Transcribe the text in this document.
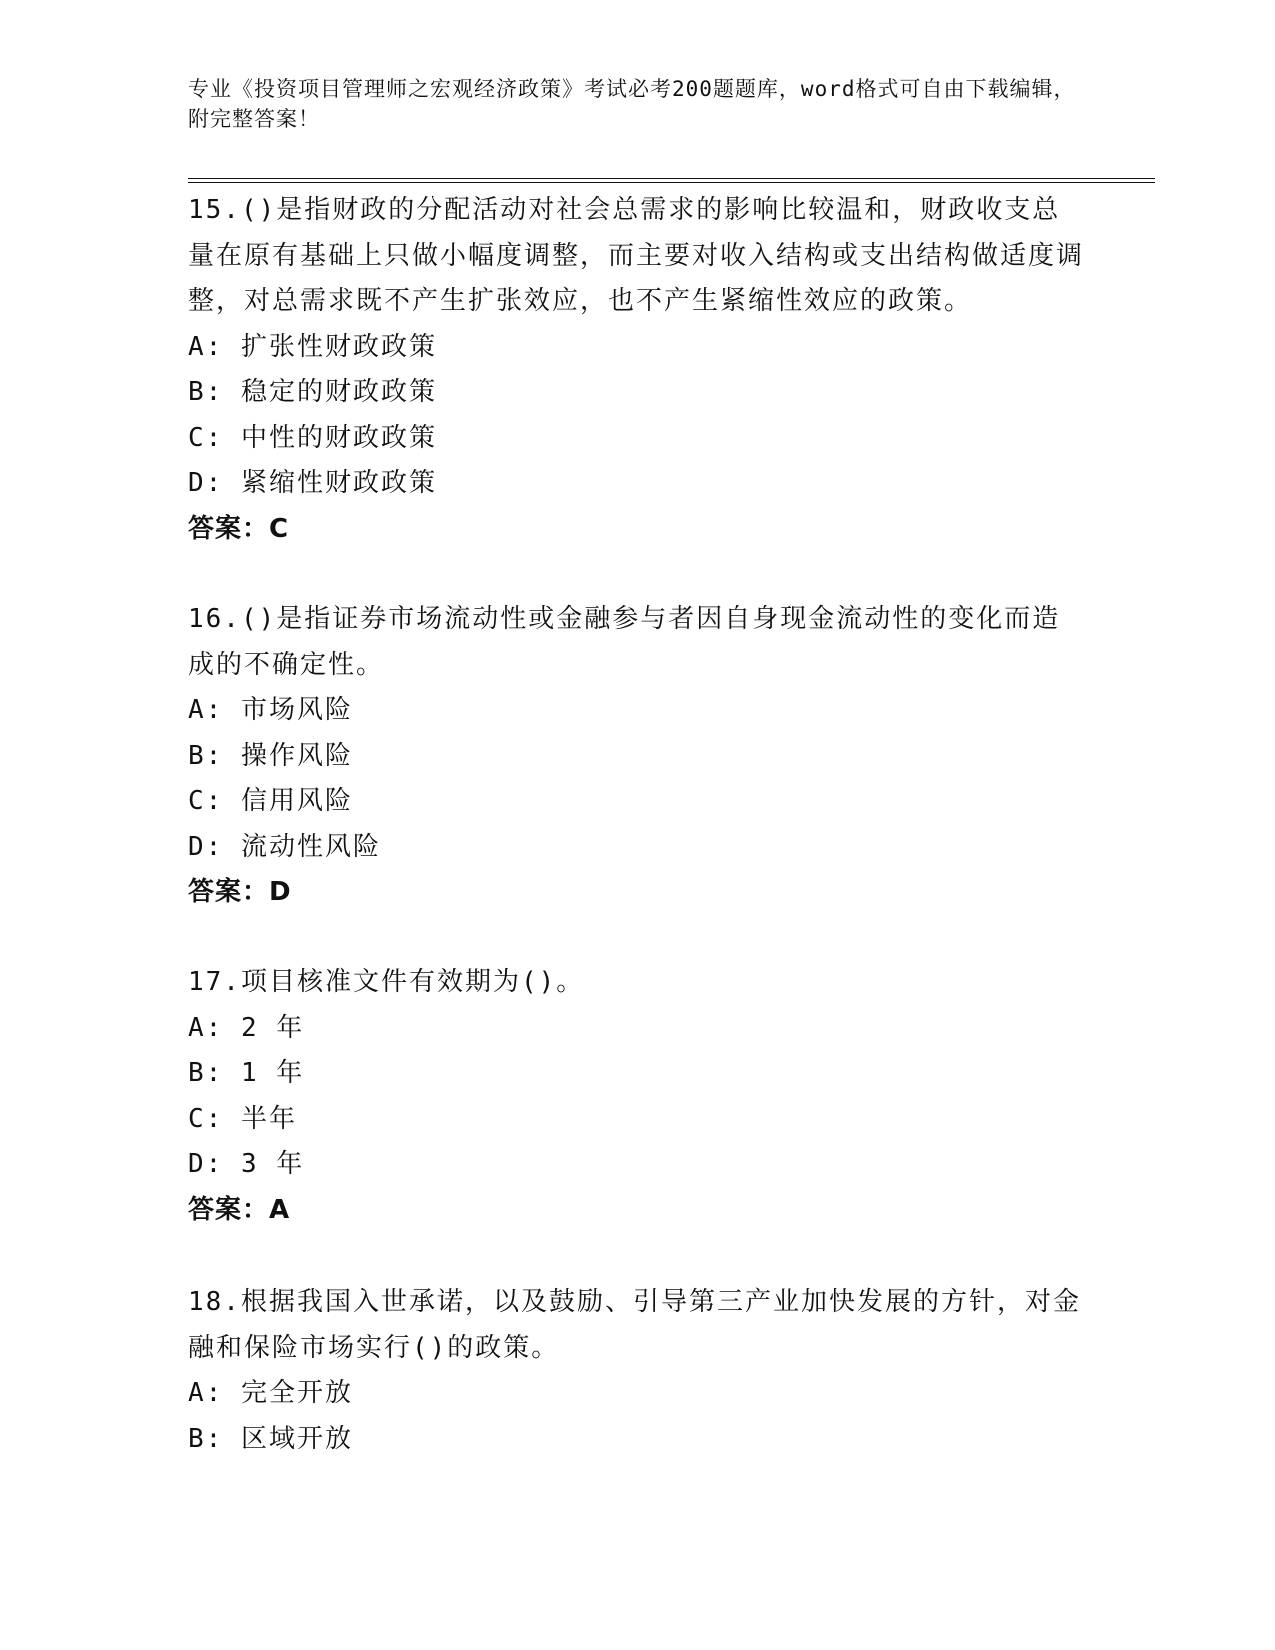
专业《投资项目管理师之宏观经济政策》考试必考200题题库，word格式可自由下载编辑，附完整答案！

15.()是指财政的分配活动对社会总需求的影响比较温和，财政收支总量在原有基础上只做小幅度调整，而主要对收入结构或支出结构做适度调整，对总需求既不产生扩张效应，也不产生紧缩性效应的政策。

A: 扩张性财政政策

B: 稳定的财政政策

C: 中性的财政政策

D: 紧缩性财政政策

答案：C

16.()是指证券市场流动性或金融参与者因自身现金流动性的变化而造成的不确定性。

A: 市场风险

B: 操作风险

C: 信用风险

D: 流动性风险

答案：D

17.项目核准文件有效期为()。

A: 2 年

B: 1 年

C: 半年

D: 3 年

答案：A

18.根据我国入世承诺，以及鼓励、引导第三产业加快发展的方针，对金融和保险市场实行()的政策。

A: 完全开放

B: 区域开放
